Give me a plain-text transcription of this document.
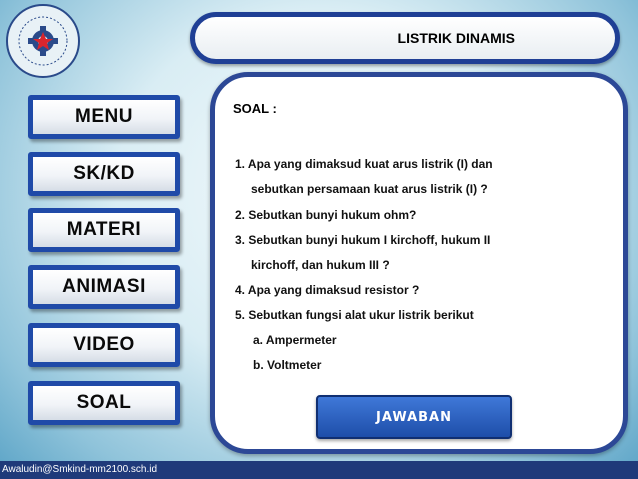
LISTRIK DINAMIS
MENU
SK/KD
MATERI
ANIMASI
VIDEO
SOAL
SOAL :
1. Apa yang dimaksud kuat arus listrik (I) dan
sebutkan persamaan kuat arus listrik (I) ?
2. Sebutkan bunyi hukum ohm?
3. Sebutkan bunyi hukum I kirchoff, hukum II
kirchoff, dan hukum III ?
4. Apa yang dimaksud resistor ?
5. Sebutkan fungsi alat ukur listrik berikut
a. Ampermeter
b. Voltmeter
JAWABAN
Awaludin@Smkind-mm2100.sch.id
